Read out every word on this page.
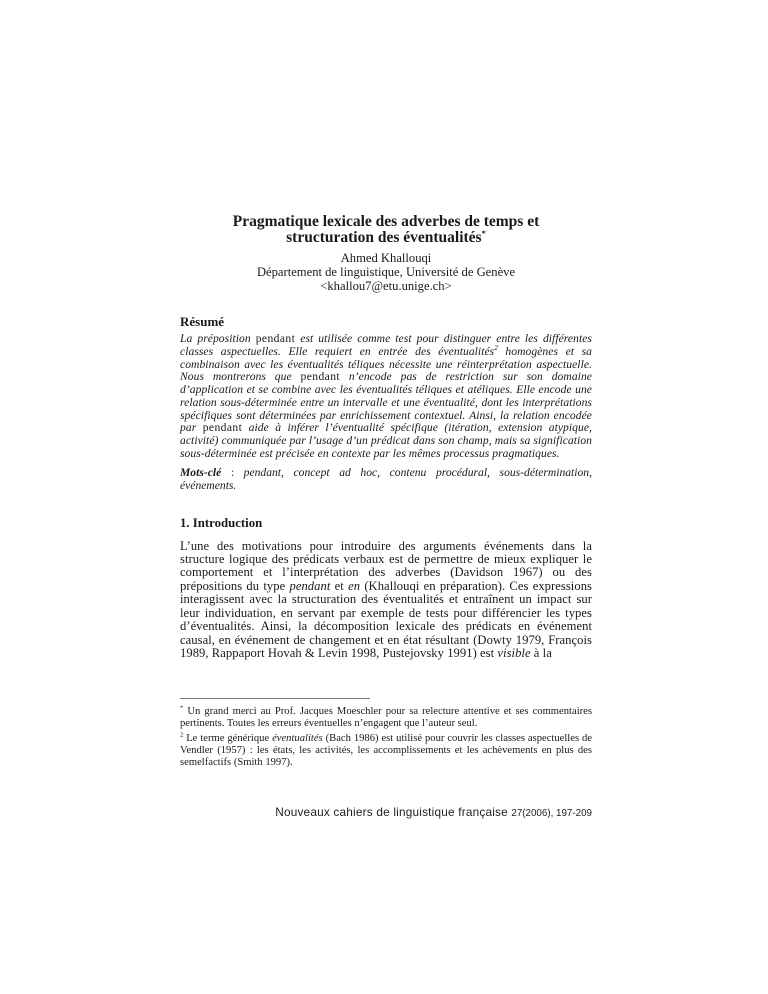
Pragmatique lexicale des adverbes de temps et structuration des éventualités*

Ahmed Khallouqi

Département de linguistique, Université de Genève

<khallou7@etu.unige.ch>

Résumé

La préposition pendant est utilisée comme test pour distinguer entre les différentes classes aspectuelles. Elle requiert en entrée des éventualités$^2$ homogènes et sa combinaison avec les éventualités téliques nécessite une réinterprétation aspectuelle. Nous montrerons que pendant n’encode pas de restriction sur son domaine d’application et se combine avec les éventualités téliques et atéliques. Elle encode une relation sous-déterminée entre un intervalle et une éventualité, dont les interprétations spécifiques sont déterminées par enrichissement contextuel. Ainsi, la relation encodée par pendant aide à inférer l’éventualité spécifique (itération, extension atypique, activité) communiquée par l’usage d’un prédicat dans son champ, mais sa signification sous-déterminée est précisée en contexte par les mêmes processus pragmatiques.

Mots-clé : pendant, concept ad hoc, contenu procédural, sous-détermination, événements.

1. Introduction

L’une des motivations pour introduire des arguments événements dans la structure logique des prédicats verbaux est de permettre de mieux expliquer le comportement et l’interprétation des adverbes (Davidson 1967) ou des prépositions du type pendant et en (Khallouqi en préparation). Ces expressions interagissent avec la structuration des éventualités et entraînent un impact sur leur individuation, en servant par exemple de tests pour différencier les types d’éventualités. Ainsi, la décomposition lexicale des prédicats en événement causal, en événement de changement et en état résultant (Dowty 1979, François 1989, Rappaport Hovah & Levin 1998, Pustejovsky 1991) est visible à la

* Un grand merci au Prof. Jacques Moeschler pour sa relecture attentive et ses commentaires pertinents. Toutes les erreurs éventuelles n’engagent que l’auteur seul.

$^2$ Le terme générique éventualités (Bach 1986) est utilisé pour couvrir les classes aspectuelles de Vendler (1957) : les états, les activités, les accomplissements et les achèvements en plus des semelfactifs (Smith 1997).

Nouveaux cahiers de linguistique française 27(2006), 197-209
